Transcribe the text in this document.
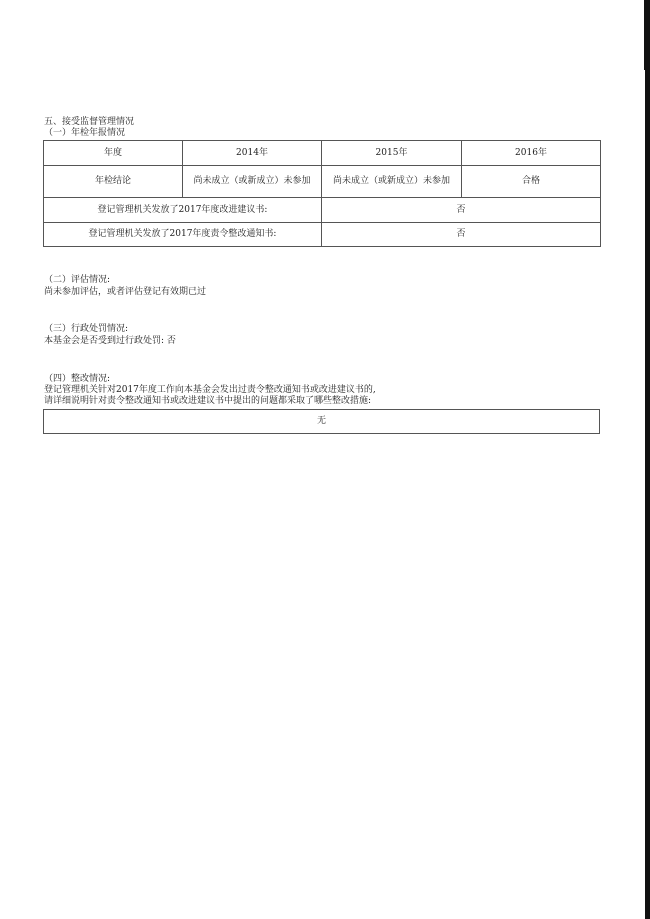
五、接受监督管理情况
（一）年检年报情况
年度	2014年	2015年	2016年
年检结论	尚未成立（或新成立）未参加	尚未成立（或新成立）未参加	合格
登记管理机关发放了2017年度改进建议书:		否	
登记管理机关发放了2017年度责令整改通知书:		否	
（二）评估情况:
尚未参加评估，或者评估登记有效期已过
（三）行政处罚情况:
本基金会是否受到过行政处罚: 否
（四）整改情况:
登记管理机关针对2017年度工作向本基金会发出过责令整改通知书或改进建议书的,
请详细说明针对责令整改通知书或改进建议书中提出的问题都采取了哪些整改措施:
无
